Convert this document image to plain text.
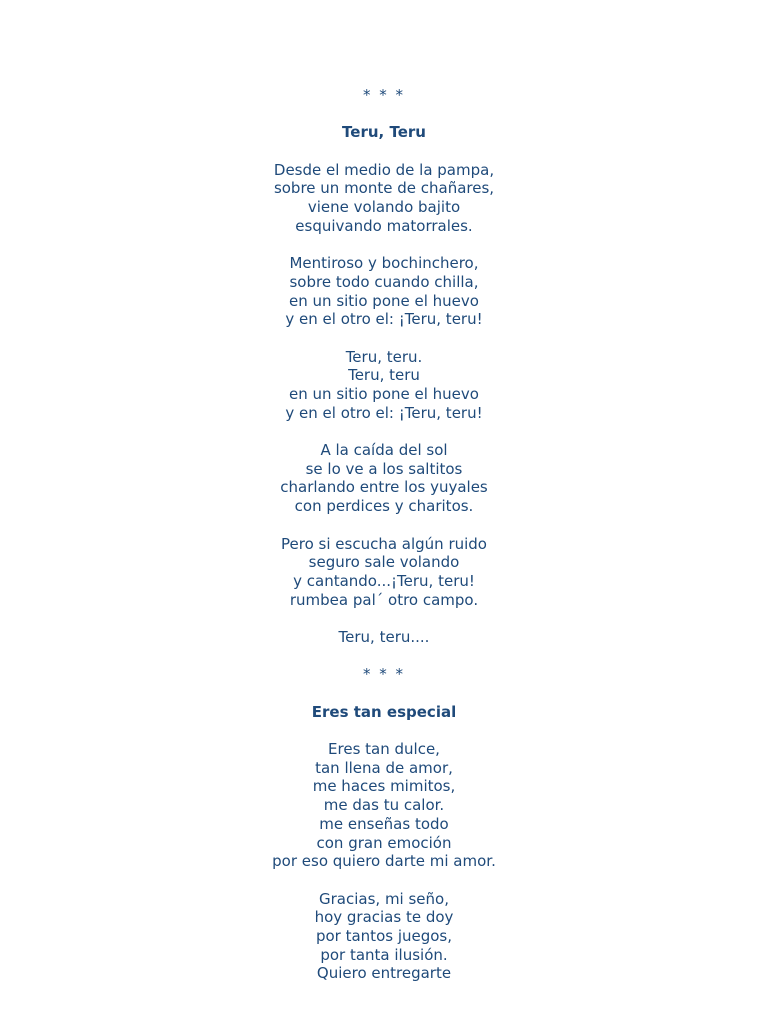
* * *
Teru, Teru
Desde el medio de la pampa,
sobre un monte de chañares,
viene volando bajito
esquivando matorrales.
Mentiroso y bochinchero,
sobre todo cuando chilla,
en un sitio pone el huevo
y en el otro el: ¡Teru, teru!
Teru, teru.
Teru, teru
en un sitio pone el huevo
y en el otro el: ¡Teru, teru!
A la caída del sol
se lo ve a los saltitos
charlando entre los yuyales
con perdices y charitos.
Pero si escucha algún ruido
seguro sale volando
y cantando...¡Teru, teru!
rumbea pal´ otro campo.
Teru, teru....
* * *
Eres tan especial
Eres tan dulce,
tan llena de amor,
me haces mimitos,
me das tu calor.
me enseñas todo
con gran emoción
por eso quiero darte mi amor.
Gracias, mi seño,
hoy gracias te doy
por tantos juegos,
por tanta ilusión.
Quiero entregarte
